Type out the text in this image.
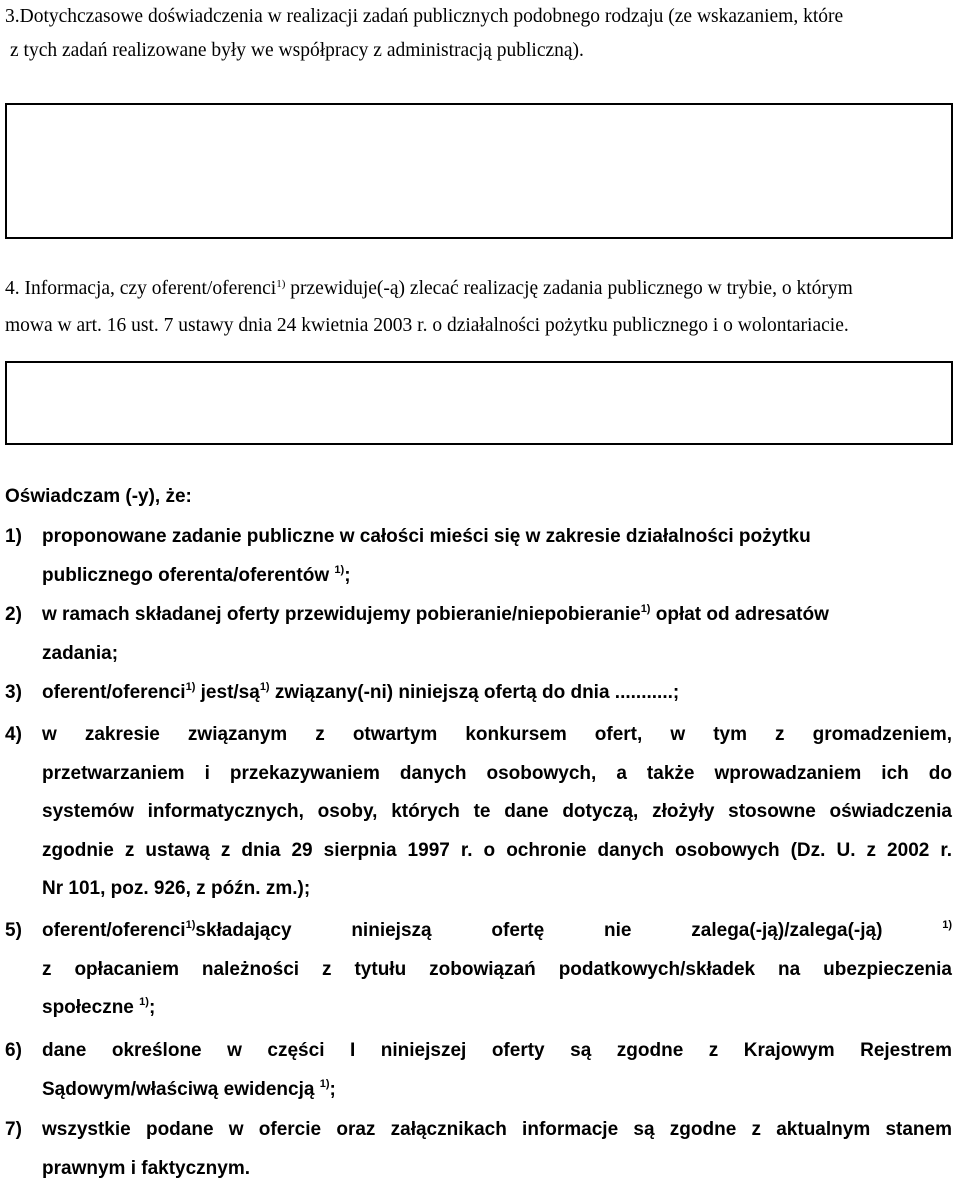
3.Dotychczasowe doświadczenia w realizacji zadań publicznych podobnego rodzaju (ze wskazaniem, które
z tych zadań realizowane były we współpracy z administracją publiczną).
4. Informacja, czy oferent/oferenci$^{1)}$ przewiduje(-ą) zlecać realizację zadania publicznego w trybie, o którym
mowa w art. 16 ust. 7 ustawy dnia 24 kwietnia 2003 r. o działalności pożytku publicznego i o wolontariacie.
Oświadczam (-y), że:
1) proponowane zadanie publiczne w całości mieści się w zakresie działalności pożytku
publicznego oferenta/oferentów $^{1)}$;
2) w ramach składanej oferty przewidujemy pobieranie/niepobieranie$^{1)}$ opłat od adresatów
zadania;
3) oferent/oferenci$^{1)}$ jest/$są^{1)}$ związany(-ni) niniejszą ofertą do dnia ...........;
4) w zakresie związanym z otwartym konkursem ofert, w tym z gromadzeniem,
przetwarzaniem i przekazywaniem danych osobowych, a także wprowadzaniem ich do
systemów informatycznych, osoby, których te dane dotyczą, złożyły stosowne oświadczenia
zgodnie z ustawą z dnia 29 sierpnia 1997 r. o ochronie danych osobowych (Dz. U. z 2002 r.
Nr 101, poz. 926, z późn. zm.);
5) oferent/oferenci$^{1)}$składający niniejszą ofertę nie zalega(-ją)/zalega(-ją)	$^{1)}$
z opłacaniem należności z tytułu zobowiązań podatkowych/składek na ubezpieczenia
społeczne $^{1)}$;
6) dane określone w części I niniejszej oferty są zgodne z Krajowym Rejestrem
Sądowym/właściwą ewidencją $^{1)}$;
7) wszystkie podane w ofercie oraz załącznikach informacje są zgodne z aktualnym stanem
prawnym i faktycznym.
